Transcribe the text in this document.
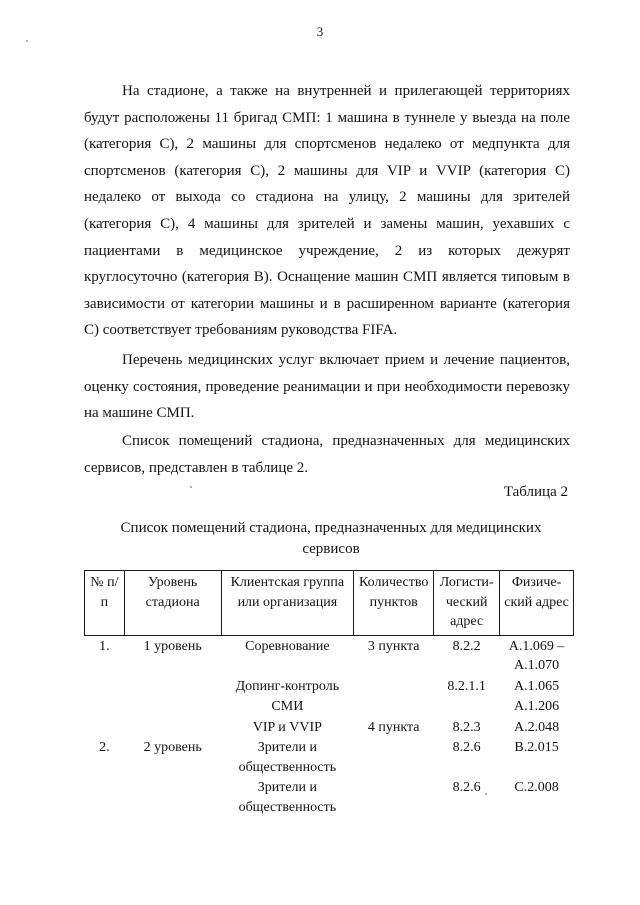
3

На стадионе, а также на внутренней и прилегающей территориях будут расположены 11 бригад СМП: 1 машина в туннеле у выезда на поле (категория С), 2 машины для спортсменов недалеко от медпункта для спортсменов (категория С), 2 машины для VIP и VVIP (категория С) недалеко от выхода со стадиона на улицу, 2 машины для зрителей (категория С), 4 машины для зрителей и замены машин, уехавших с пациентами в медицинское учреждение, 2 из которых дежурят круглосуточно (категория В). Оснащение машин СМП является типовым в зависимости от категории машины и в расширенном варианте (категория С) соответствует требованиям руководства FIFA.

Перечень медицинских услуг включает прием и лечение пациентов, оценку состояния, проведение реанимации и при необходимости перевозку на машине СМП.

Список помещений стадиона, предназначенных для медицинских сервисов, представлен в таблице 2.

Таблица 2
Список помещений стадиона, предназначенных для медицинских сервисов
№ п/п	Уровень стадиона	Клиентская группа или организация	Количество пунктов	Логисти-ческий адрес	Физиче-ский адрес
1.	1 уровень	Соревнование	3 пункта	8.2.2	А.1.069 – А.1.070
		Допинг-контроль		8.2.1.1	А.1.065
		СМИ			А.1.206
		VIP и VVIP	4 пункта	8.2.3	А.2.048
2.	2 уровень	Зрители и общественность		8.2.6	В.2.015
		Зрители и общественность		8.2.6	С.2.008
